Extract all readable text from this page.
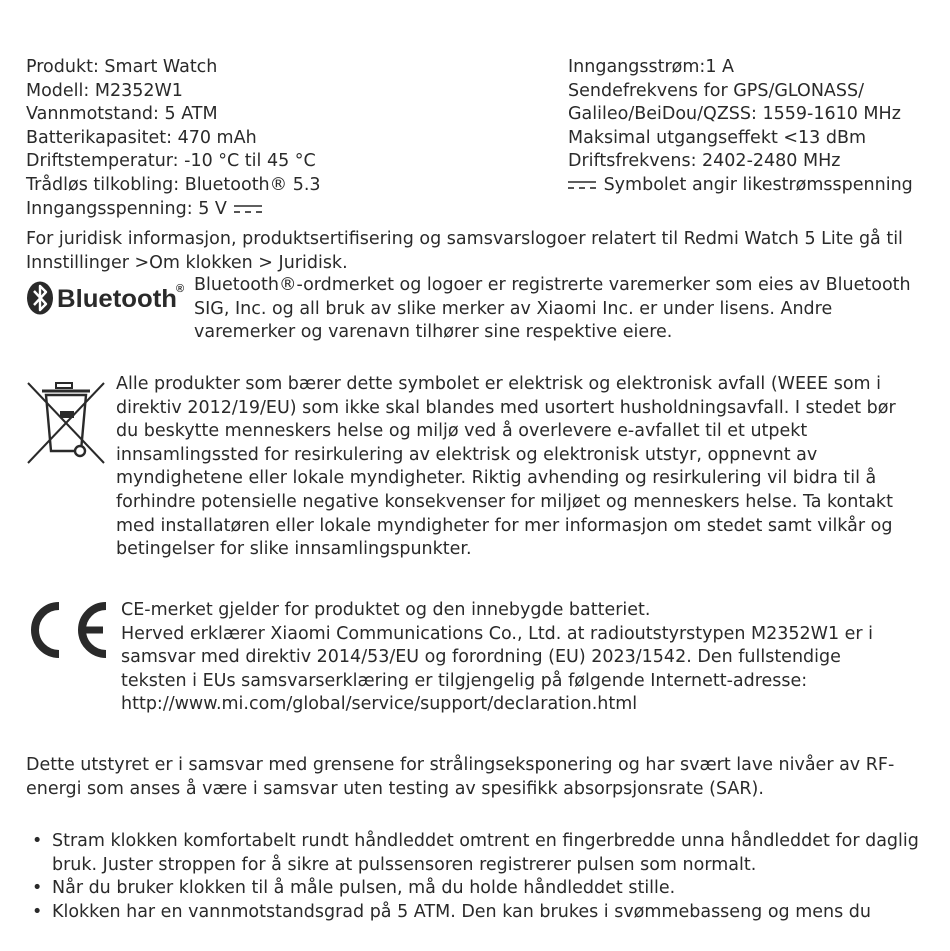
Produkt: Smart Watch
Modell: M2352W1
Vannmotstand: 5 ATM
Batterikapasitet: 470 mAh
Driftstemperatur: -10 °C til 45 °C
Trådløs tilkobling: Bluetooth® 5.3
Inngangsspenning: 5 V
Inngangsstrøm:1 A
Sendefrekvens for GPS/GLONASS/
Galileo/BeiDou/QZSS: 1559-1610 MHz
Maksimal utgangseffekt <13 dBm
Driftsfrekvens: 2402-2480 MHz
Symbolet angir likestrømsspenning
For juridisk informasjon, produktsertifisering og samsvarslogoer relatert til Redmi Watch 5 Lite gå til Innstillinger >Om klokken > Juridisk.
Bluetooth ® Bluetooth®-ordmerket og logoer er registrerte varemerker som eies av Bluetooth SIG, Inc. og all bruk av slike merker av Xiaomi Inc. er under lisens. Andre varemerker og varenavn tilhører sine respektive eiere.
Alle produkter som bærer dette symbolet er elektrisk og elektronisk avfall (WEEE som i direktiv 2012/19/EU) som ikke skal blandes med usortert husholdningsavfall. I stedet bør du beskytte menneskers helse og miljø ved å overlevere e-avfallet til et utpekt innsamlingssted for resirkulering av elektrisk og elektronisk utstyr, oppnevnt av myndighetene eller lokale myndigheter. Riktig avhending og resirkulering vil bidra til å forhindre potensielle negative konsekvenser for miljøet og menneskers helse. Ta kontakt med installatøren eller lokale myndigheter for mer informasjon om stedet samt vilkår og betingelser for slike innsamlingspunkter.
CE-merket gjelder for produktet og den innebygde batteriet.
Herved erklærer Xiaomi Communications Co., Ltd. at radioutstyrstypen M2352W1 er i samsvar med direktiv 2014/53/EU og forordning (EU) 2023/1542. Den fullstendige teksten i EUs samsvarserklæring er tilgjengelig på følgende Internett-adresse: http://www.mi.com/global/service/support/declaration.html
Dette utstyret er i samsvar med grensene for strålingseksponering og har svært lave nivåer av RF-energi som anses å være i samsvar uten testing av spesifikk absorpsjonsrate (SAR).
• Stram klokken komfortabelt rundt håndleddet omtrent en fingerbredde unna håndleddet for daglig bruk. Juster stroppen for å sikre at pulssensoren registrerer pulsen som normalt.
• Når du bruker klokken til å måle pulsen, må du holde håndleddet stille.
• Klokken har en vannmotstandsgrad på 5 ATM. Den kan brukes i svømmebasseng og mens du
